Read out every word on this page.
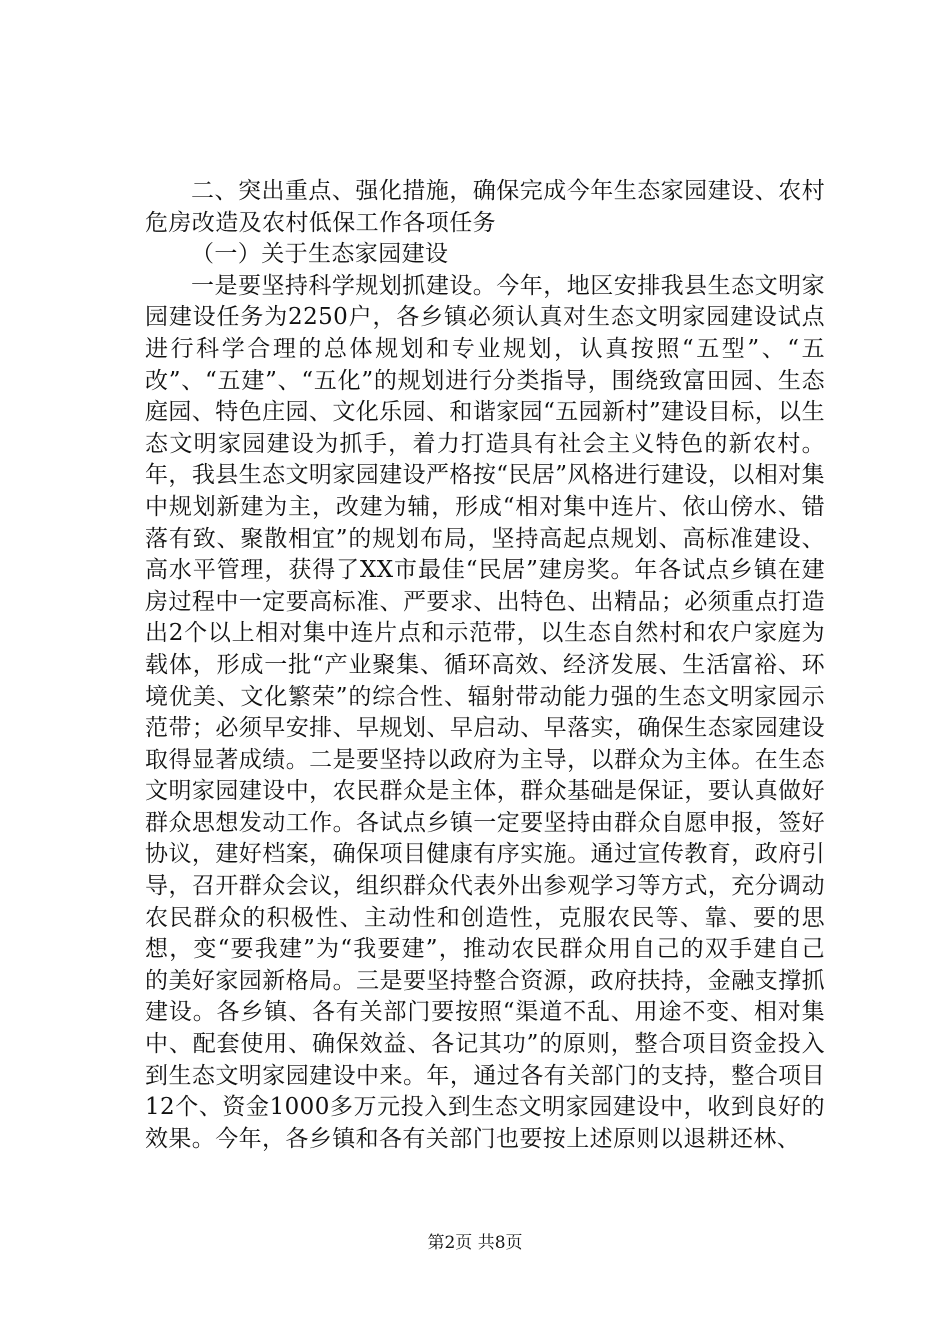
二、突出重点、强化措施，确保完成今年生态家园建设、农村危房改造及农村低保工作各项任务

（一）关于生态家园建设

一是要坚持科学规划抓建设。今年，地区安排我县生态文明家园建设任务为2250户，各乡镇必须认真对生态文明家园建设试点进行科学合理的总体规划和专业规划，认真按照“五型”、“五改”、“五建”、“五化”的规划进行分类指导，围绕致富田园、生态庭园、特色庄园、文化乐园、和谐家园“五园新村”建设目标，以生态文明家园建设为抓手，着力打造具有社会主义特色的新农村。年，我县生态文明家园建设严格按“民居”风格进行建设，以相对集中规划新建为主，改建为辅，形成“相对集中连片、依山傍水、错落有致、聚散相宜”的规划布局，坚持高起点规划、高标准建设、高水平管理，获得了XX市最佳“民居”建房奖。年各试点乡镇在建房过程中一定要高标准、严要求、出特色、出精品；必须重点打造出2个以上相对集中连片点和示范带，以生态自然村和农户家庭为载体，形成一批“产业聚集、循环高效、经济发展、生活富裕、环境优美、文化繁荣”的综合性、辐射带动能力强的生态文明家园示范带；必须早安排、早规划、早启动、早落实，确保生态家园建设取得显著成绩。二是要坚持以政府为主导，以群众为主体。在生态文明家园建设中，农民群众是主体，群众基础是保证，要认真做好群众思想发动工作。各试点乡镇一定要坚持由群众自愿申报，签好协议，建好档案，确保项目健康有序实施。通过宣传教育，政府引导，召开群众会议，组织群众代表外出参观学习等方式，充分调动农民群众的积极性、主动性和创造性，克服农民等、靠、要的思想，变“要我建”为“我要建”，推动农民群众用自己的双手建自己的美好家园新格局。三是要坚持整合资源，政府扶持，金融支撑抓建设。各乡镇、各有关部门要按照“渠道不乱、用途不变、相对集中、配套使用、确保效益、各记其功”的原则，整合项目资金投入到生态文明家园建设中来。年，通过各有关部门的支持，整合项目12个、资金1000多万元投入到生态文明家园建设中，收到良好的效果。今年，各乡镇和各有关部门也要按上述原则以退耕还林、

第2页 共8页
